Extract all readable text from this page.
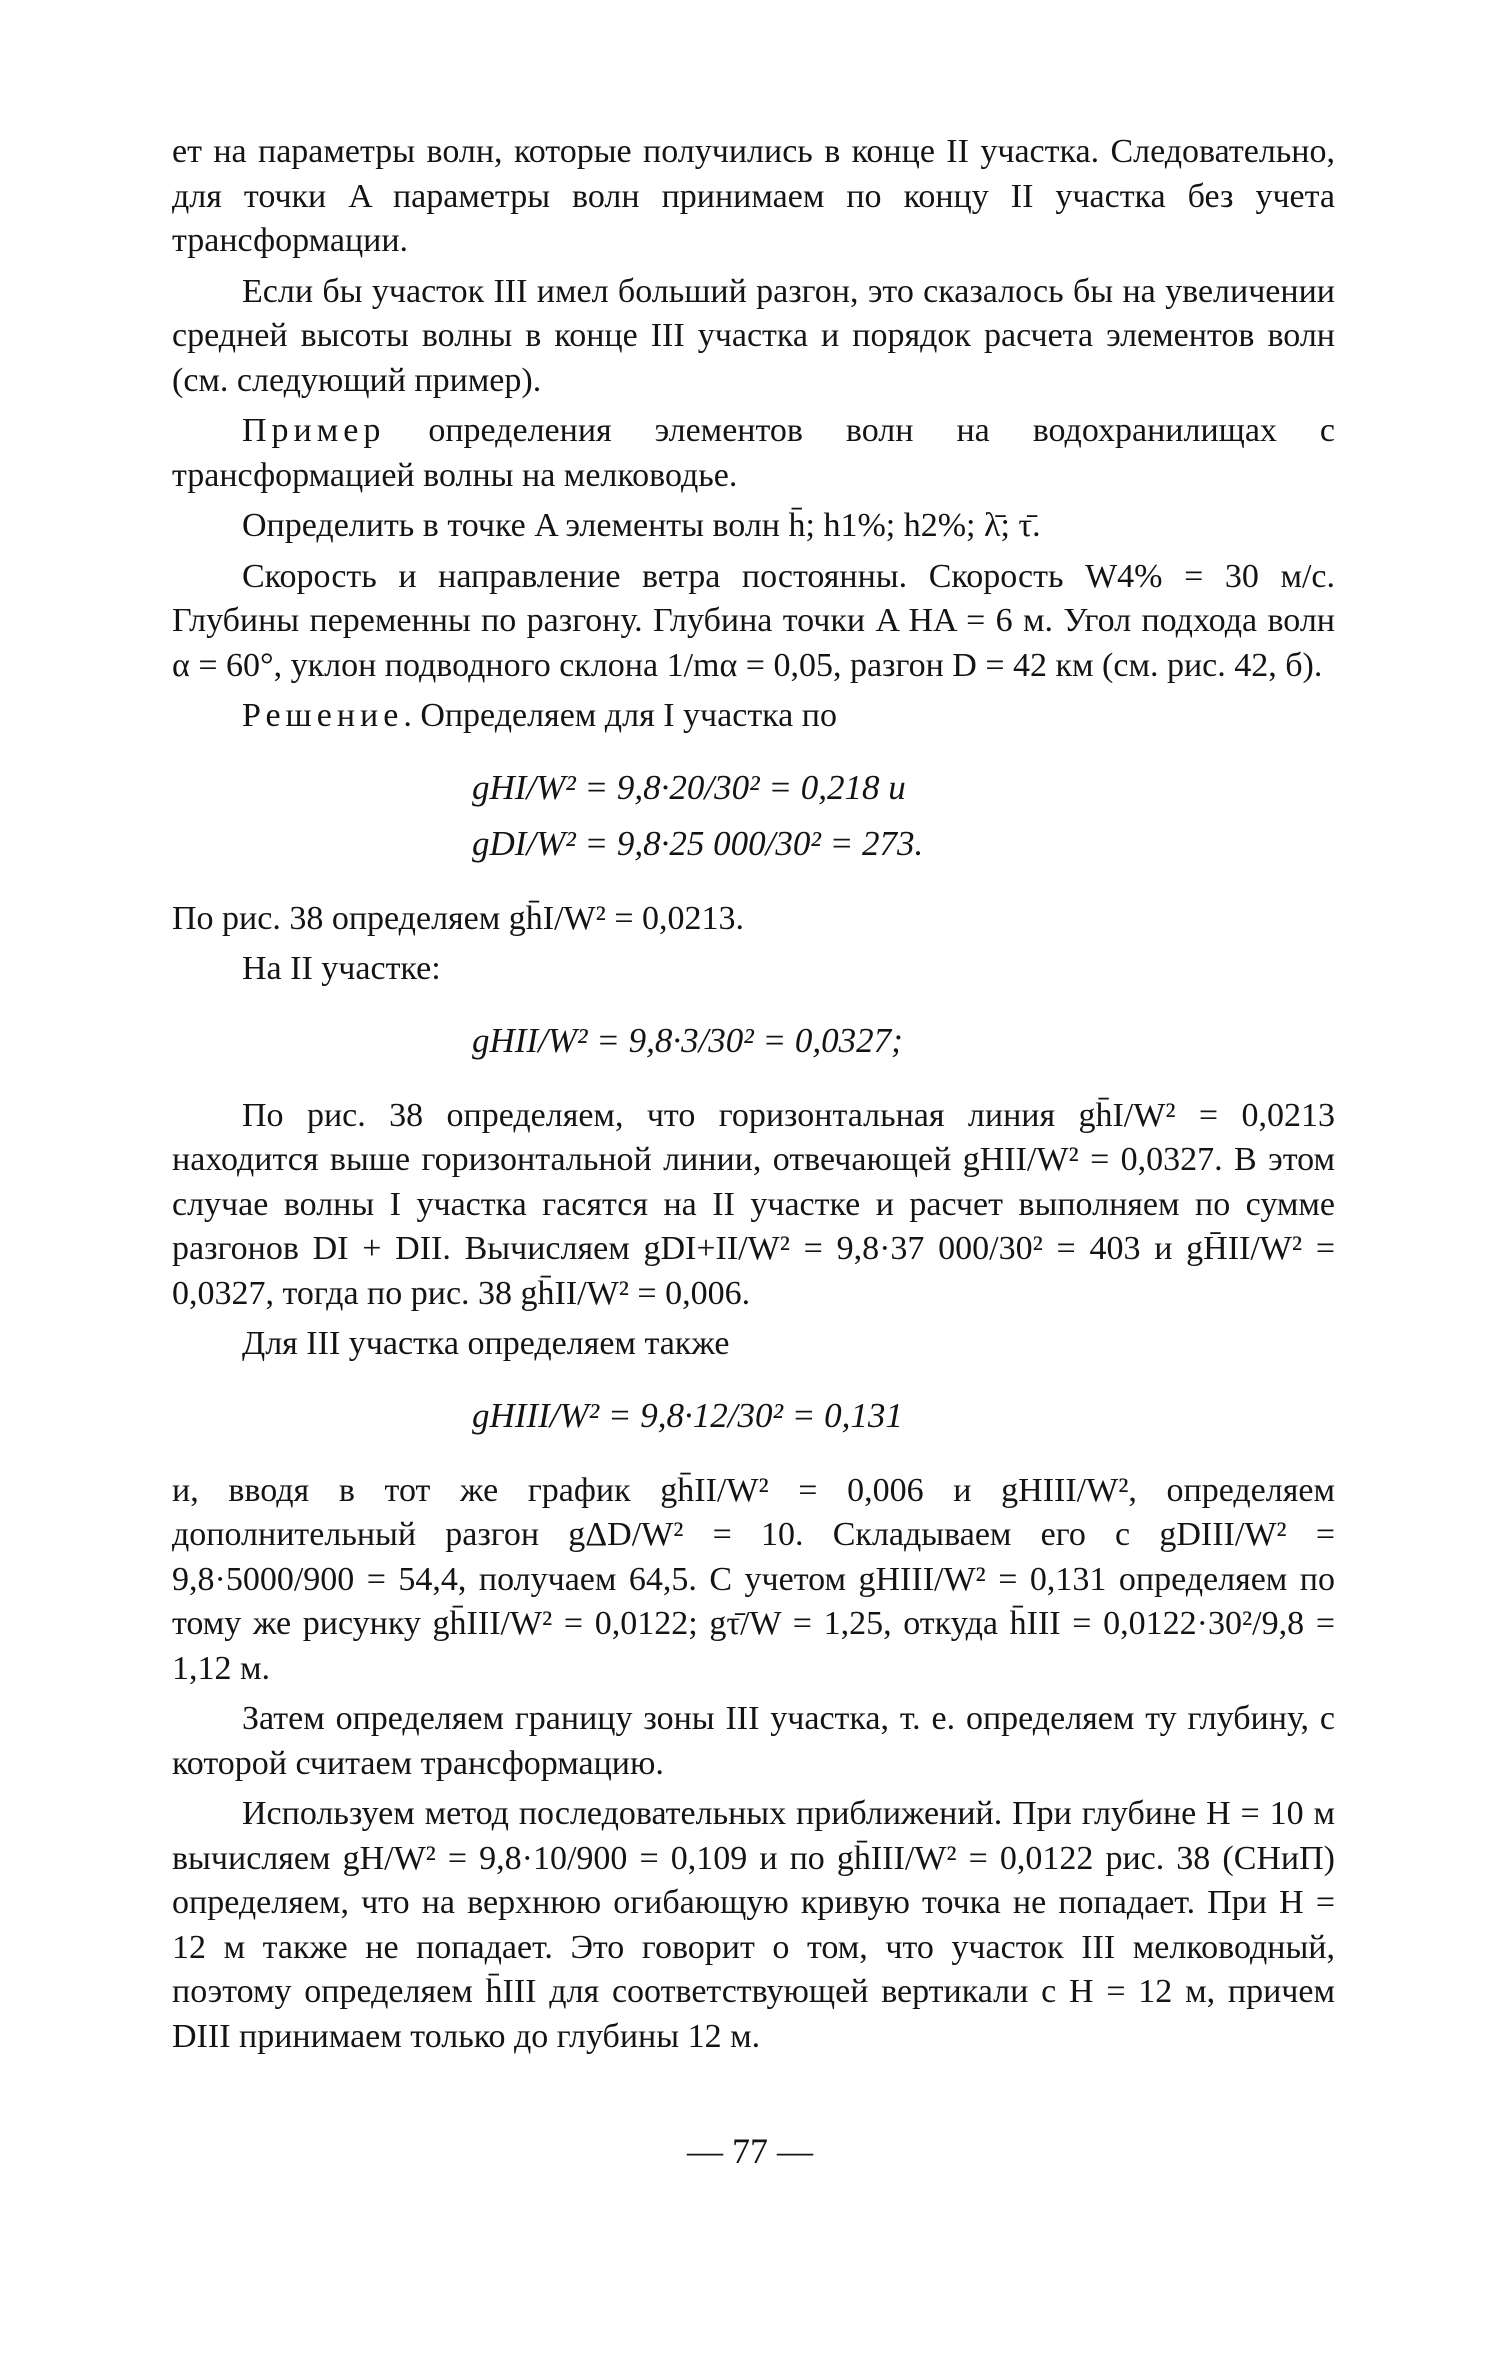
ет на параметры волн, которые получились в конце II участка. Следовательно, для точки A параметры волн принимаем по концу II участка без учета трансформации.

Если бы участок III имел больший разгон, это сказалось бы на увеличении средней высоты волны в конце III участка и порядок расчета элементов волн (см. следующий пример).

Пример определения элементов волн на водохранилищах с трансформацией волны на мелководье.

Определить в точке A элементы волн h̄; h1%; h2%; λ̄; τ̄.

Скорость и направление ветра постоянны. Скорость W4% = 30 м/с. Глубины переменны по разгону. Глубина точки A HA = 6 м. Угол подхода волн α = 60°, уклон подводного склона 1/mα = 0,05, разгон D = 42 км (см. рис. 42, б).

Решение. Определяем для I участка по

gHI/W² = 9,8·20/30² = 0,218 и
gDI/W² = 9,8·25 000/30² = 273.

По рис. 38 определяем gh̄I/W² = 0,0213.

На II участке:

gHII/W² = 9,8·3/30² = 0,0327;

По рис. 38 определяем, что горизонтальная линия gh̄I/W² = 0,0213 находится выше горизонтальной линии, отвечающей gHII/W² = 0,0327. В этом случае волны I участка гасятся на II участке и расчет выполняем по сумме разгонов DI + DII. Вычисляем gDI+II/W² = 9,8·37 000/30² = 403 и gH̄II/W² = 0,0327, тогда по рис. 38 gh̄II/W² = 0,006.

Для III участка определяем также

gHIII/W² = 9,8·12/30² = 0,131

и, вводя в тот же график gh̄II/W² = 0,006 и gHIII/W², определяем дополнительный разгон gΔD/W² = 10. Складываем его с gDIII/W² = 9,8·5000/900 = 54,4, получаем 64,5. С учетом gHIII/W² = 0,131 определяем по тому же рисунку gh̄III/W² = 0,0122; gτ̄/W = 1,25, откуда h̄III = 0,0122·30²/9,8 = 1,12 м.

Затем определяем границу зоны III участка, т. е. определяем ту глубину, с которой считаем трансформацию.

Используем метод последовательных приближений. При глубине H = 10 м вычисляем gH/W² = 9,8·10/900 = 0,109 и по gh̄III/W² = 0,0122 рис. 38 (СНиП) определяем, что на верхнюю огибающую кривую точка не попадает. При H = 12 м также не попадает. Это говорит о том, что участок III мелководный, поэтому определяем h̄III для соответствующей вертикали с H = 12 м, причем DIII принимаем только до глубины 12 м.

— 77 —
